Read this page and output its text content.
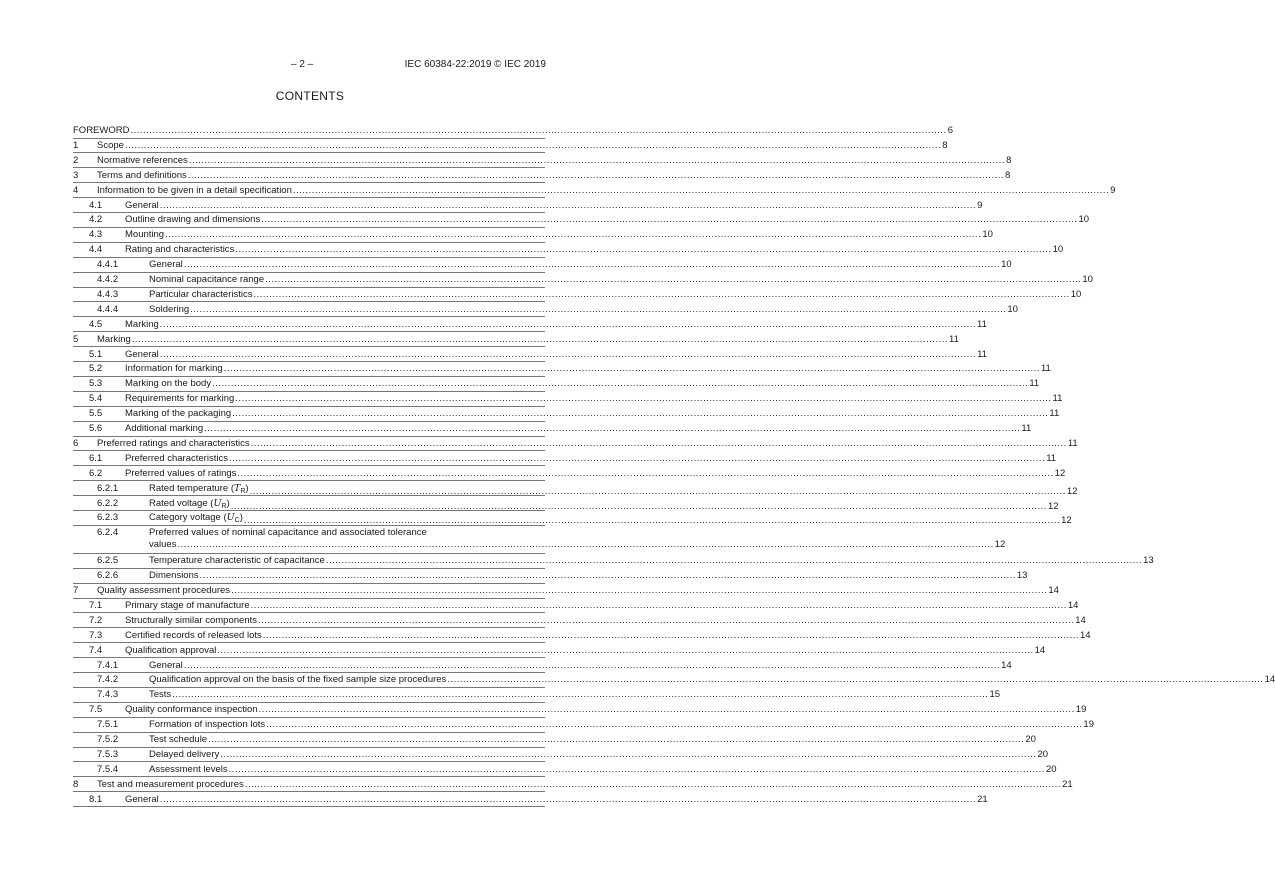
– 2 –	IEC 60384-22:2019 © IEC 2019
CONTENTS
FOREWORD .................................................................................................................................................................................................................................................................... 6
1 Scope .................................................................................................................................................................................................................................................................... 8
2 Normative references .................................................................................................................................................................................................................................................................... 8
3 Terms and definitions .................................................................................................................................................................................................................................................................... 8
4 Information to be given in a detail specification .................................................................................................................................................................................................................................................................... 9
4.1 General .................................................................................................................................................................................................................................................................... 9
4.2 Outline drawing and dimensions .................................................................................................................................................................................................................................................................... 10
4.3 Mounting .................................................................................................................................................................................................................................................................... 10
4.4 Rating and characteristics .................................................................................................................................................................................................................................................................... 10
4.4.1	General .................................................................................................................................................................................................................................................................... 10
4.4.2	Nominal capacitance range .................................................................................................................................................................................................................................................................... 10
4.4.3	Particular characteristics .................................................................................................................................................................................................................................................................... 10
4.4.4	Soldering .................................................................................................................................................................................................................................................................... 10
4.5 Marking .................................................................................................................................................................................................................................................................... 11
5 Marking .................................................................................................................................................................................................................................................................... 11
5.1 General .................................................................................................................................................................................................................................................................... 11
5.2 Information for marking .................................................................................................................................................................................................................................................................... 11
5.3 Marking on the body .................................................................................................................................................................................................................................................................... 11
5.4 Requirements for marking .................................................................................................................................................................................................................................................................... 11
5.5 Marking of the packaging .................................................................................................................................................................................................................................................................... 11
5.6 Additional marking .................................................................................................................................................................................................................................................................... 11
6 Preferred ratings and characteristics .................................................................................................................................................................................................................................................................... 11
6.1 Preferred characteristics .................................................................................................................................................................................................................................................................... 11
6.2 Preferred values of ratings .................................................................................................................................................................................................................................................................... 12
6.2.1	Rated temperature $(T_R)$ .................................................................................................................................................................................................................................................................... 12
6.2.2	Rated voltage $(U_R)$ .................................................................................................................................................................................................................................................................... 12
6.2.3	Category voltage $(U_C)$ .................................................................................................................................................................................................................................................................... 12
6.2.4	Preferred values of nominal capacitance and associated tolerance
values .................................................................................................................................................................................................................................................................... 12
6.2.5	Temperature characteristic of capacitance .................................................................................................................................................................................................................................................................... 13
6.2.6	Dimensions .................................................................................................................................................................................................................................................................... 13
7 Quality assessment procedures .................................................................................................................................................................................................................................................................... 14
7.1 Primary stage of manufacture .................................................................................................................................................................................................................................................................... 14
7.2 Structurally similar components .................................................................................................................................................................................................................................................................... 14
7.3 Certified records of released lots .................................................................................................................................................................................................................................................................... 14
7.4 Qualification approval .................................................................................................................................................................................................................................................................... 14
7.4.1	General .................................................................................................................................................................................................................................................................... 14
7.4.2	Qualification approval on the basis of the fixed sample size procedures .................................................................................................................................................................................................................................................................... 14
7.4.3	Tests .................................................................................................................................................................................................................................................................... 15
7.5 Quality conformance inspection .................................................................................................................................................................................................................................................................... 19
7.5.1	Formation of inspection lots .................................................................................................................................................................................................................................................................... 19
7.5.2	Test schedule .................................................................................................................................................................................................................................................................... 20
7.5.3	Delayed delivery .................................................................................................................................................................................................................................................................... 20
7.5.4	Assessment levels .................................................................................................................................................................................................................................................................... 20
8 Test and measurement procedures .................................................................................................................................................................................................................................................................... 21
8.1 General .................................................................................................................................................................................................................................................................... 21
